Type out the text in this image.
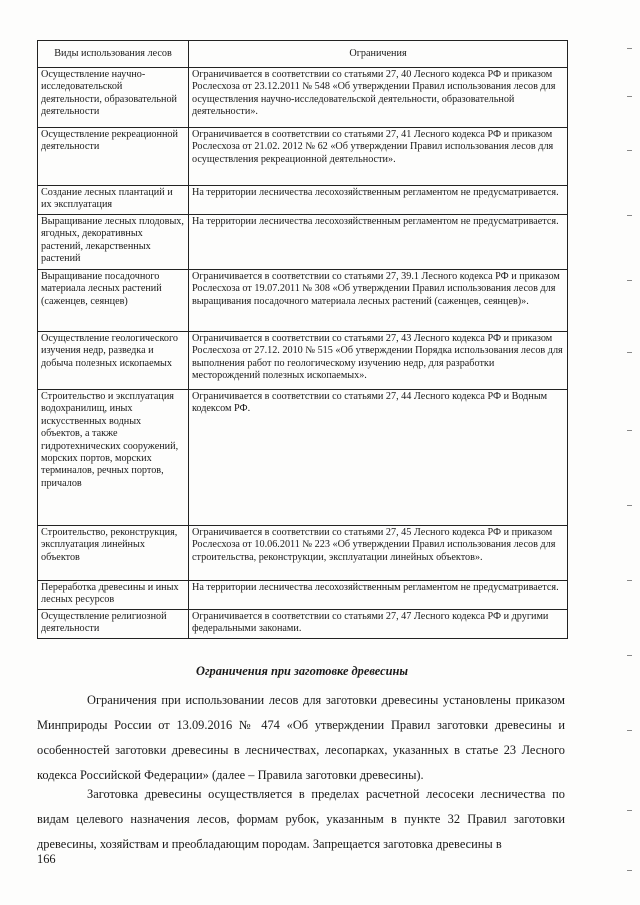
Виды использования лесов	Ограничения
Осуществление научно-исследовательской деятельности, образовательной деятельности	Ограничивается в соответствии со статьями 27, 40 Лесного кодекса РФ и приказом Рослесхоза от 23.12.2011 № 548 «Об утверждении Правил использования лесов для осуществления научно-исследовательской деятельности, образовательной деятельности».
Осуществление рекреационной деятельности	Ограничивается в соответствии со статьями 27, 41 Лесного кодекса РФ и приказом Рослесхоза от 21.02. 2012 № 62 «Об утверждении Правил использования лесов для осуществления рекреационной деятельности».
Создание лесных плантаций и их эксплуатация	На территории лесничества лесохозяйственным регламентом не предусматривается.
Выращивание лесных плодовых, ягодных, декоративных растений, лекарственных растений	На территории лесничества лесохозяйственным регламентом не предусматривается.
Выращивание посадочного материала лесных растений (саженцев, сеянцев)	Ограничивается в соответствии со статьями 27, 39.1 Лесного кодекса РФ и приказом Рослесхоза от 19.07.2011 № 308 «Об утверждении Правил использования лесов для выращивания посадочного материала лесных растений (саженцев, сеянцев)».
Осуществление геологического изучения недр, разведка и добыча полезных ископаемых	Ограничивается в соответствии со статьями 27, 43 Лесного кодекса РФ и приказом Рослесхоза от 27.12. 2010 № 515 «Об утверждении Порядка использования лесов для выполнения работ по геологическому изучению недр, для разработки месторождений полезных ископаемых».
Строительство и эксплуатация водохранилищ, иных искусственных водных объектов, а также гидротехнических сооружений, морских портов, морских терминалов, речных портов, причалов	Ограничивается в соответствии со статьями 27, 44 Лесного кодекса РФ и Водным кодексом РФ.
Строительство, реконструкция, эксплуатация линейных объектов	Ограничивается в соответствии со статьями 27, 45 Лесного кодекса РФ и приказом Рослесхоза от 10.06.2011 № 223 «Об утверждении Правил использования лесов для строительства, реконструкции, эксплуатации линейных объектов».
Переработка древесины и иных лесных ресурсов	На территории лесничества лесохозяйственным регламентом не предусматривается.
Осуществление религиозной деятельности	Ограничивается в соответствии со статьями 27, 47 Лесного кодекса РФ и другими федеральными законами.
Ограничения при заготовке древесины

Ограничения при использовании лесов для заготовки древесины установлены приказом Минприроды России от 13.09.2016 № 474 «Об утверждении Правил заготовки древесины и особенностей заготовки древесины в лесничествах, лесопарках, указанных в статье 23 Лесного кодекса Российской Федерации» (далее – Правила заготовки древесины).

Заготовка древесины осуществляется в пределах расчетной лесосеки лесничества по видам целевого назначения лесов, формам рубок, указанным в пункте 32 Правил заготовки древесины, хозяйствам и преобладающим породам. Запрещается заготовка древесины в

166
